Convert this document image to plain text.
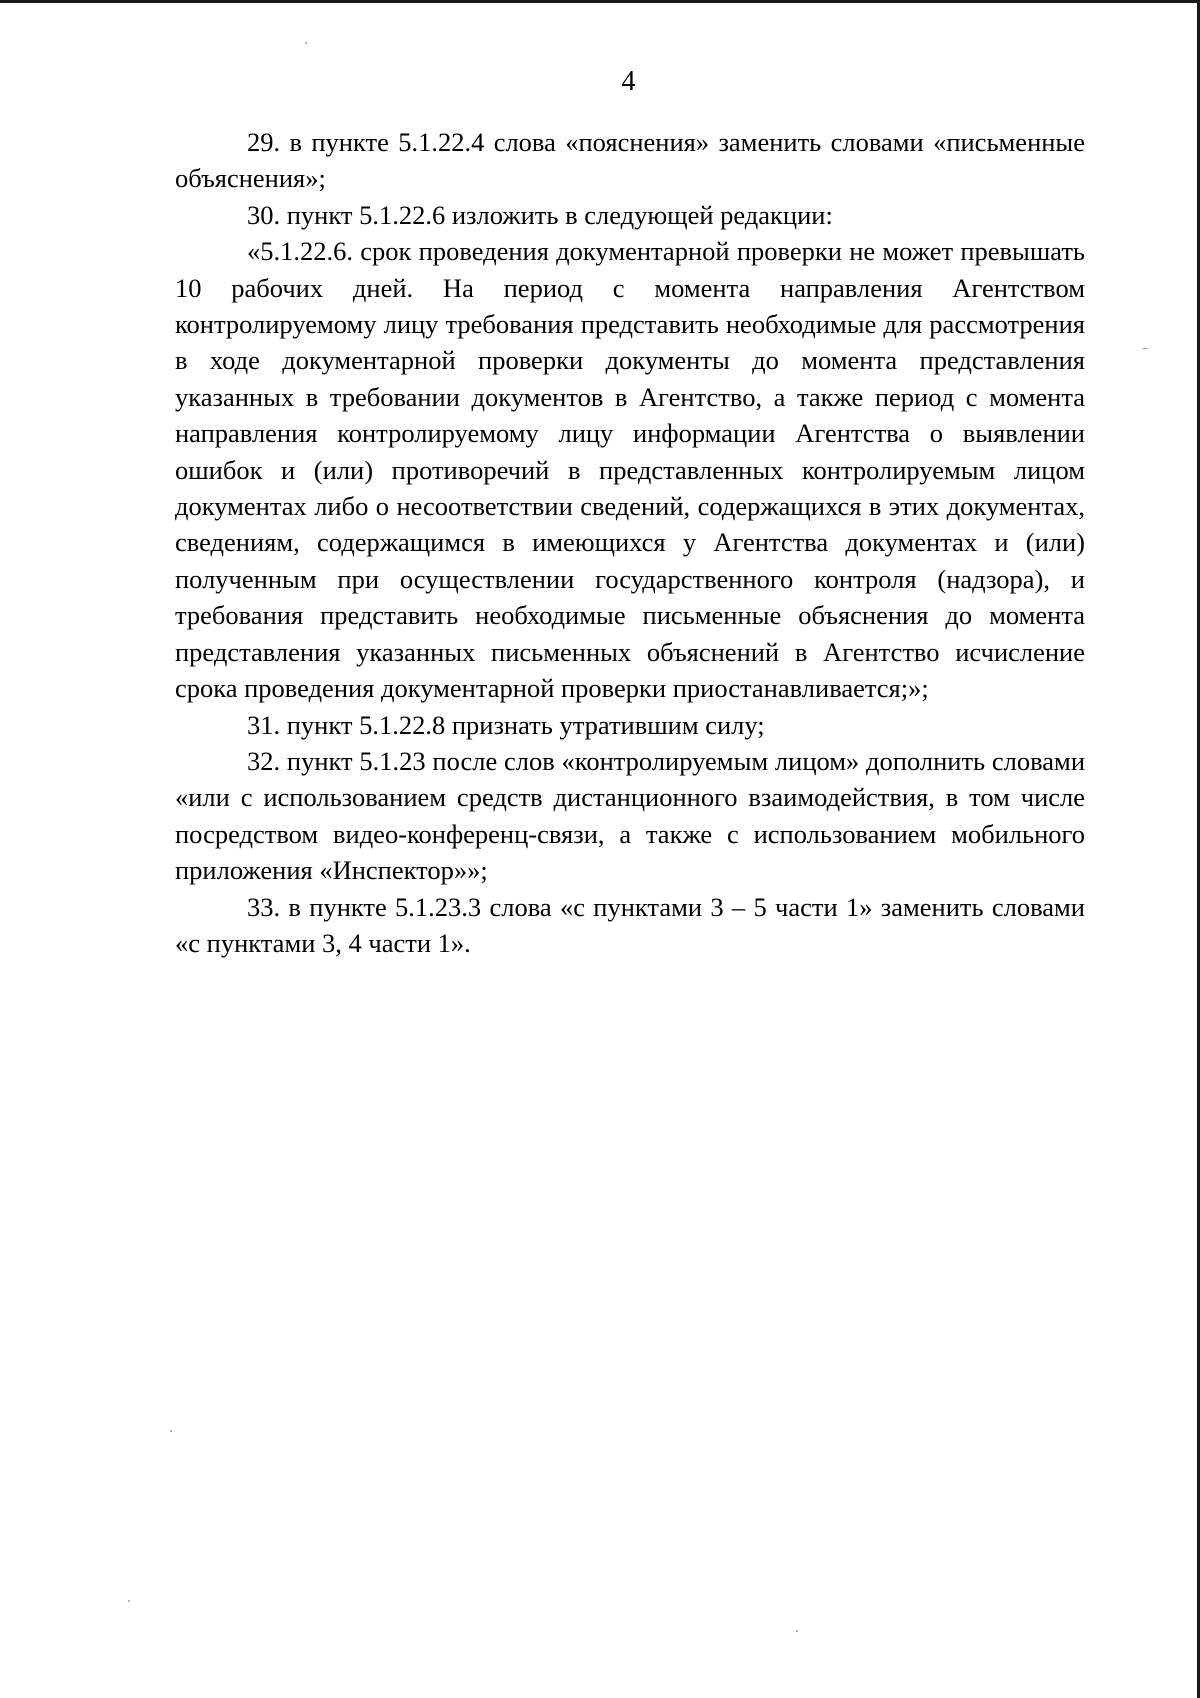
4

29. в пункте 5.1.22.4 слова «пояснения» заменить словами «письменные объяснения»;

30. пункт 5.1.22.6 изложить в следующей редакции:

«5.1.22.6. срок проведения документарной проверки не может превышать 10 рабочих дней. На период с момента направления Агентством контролируемому лицу требования представить необходимые для рассмотрения в ходе документарной проверки документы до момента представления указанных в требовании документов в Агентство, а также период с момента направления контролируемому лицу информации Агентства о выявлении ошибок и (или) противоречий в представленных контролируемым лицом документах либо о несоответствии сведений, содержащихся в этих документах, сведениям, содержащимся в имеющихся у Агентства документах и (или) полученным при осуществлении государственного контроля (надзора), и требования представить необходимые письменные объяснения до момента представления указанных письменных объяснений в Агентство исчисление срока проведения документарной проверки приостанавливается;»;

31. пункт 5.1.22.8 признать утратившим силу;

32. пункт 5.1.23 после слов «контролируемым лицом» дополнить словами «или с использованием средств дистанционного взаимодействия, в том числе посредством видео-конференц-связи, а также с использованием мобильного приложения «Инспектор»»;

33. в пункте 5.1.23.3 слова «с пунктами 3 – 5 части 1» заменить словами «с пунктами 3, 4 части 1».
